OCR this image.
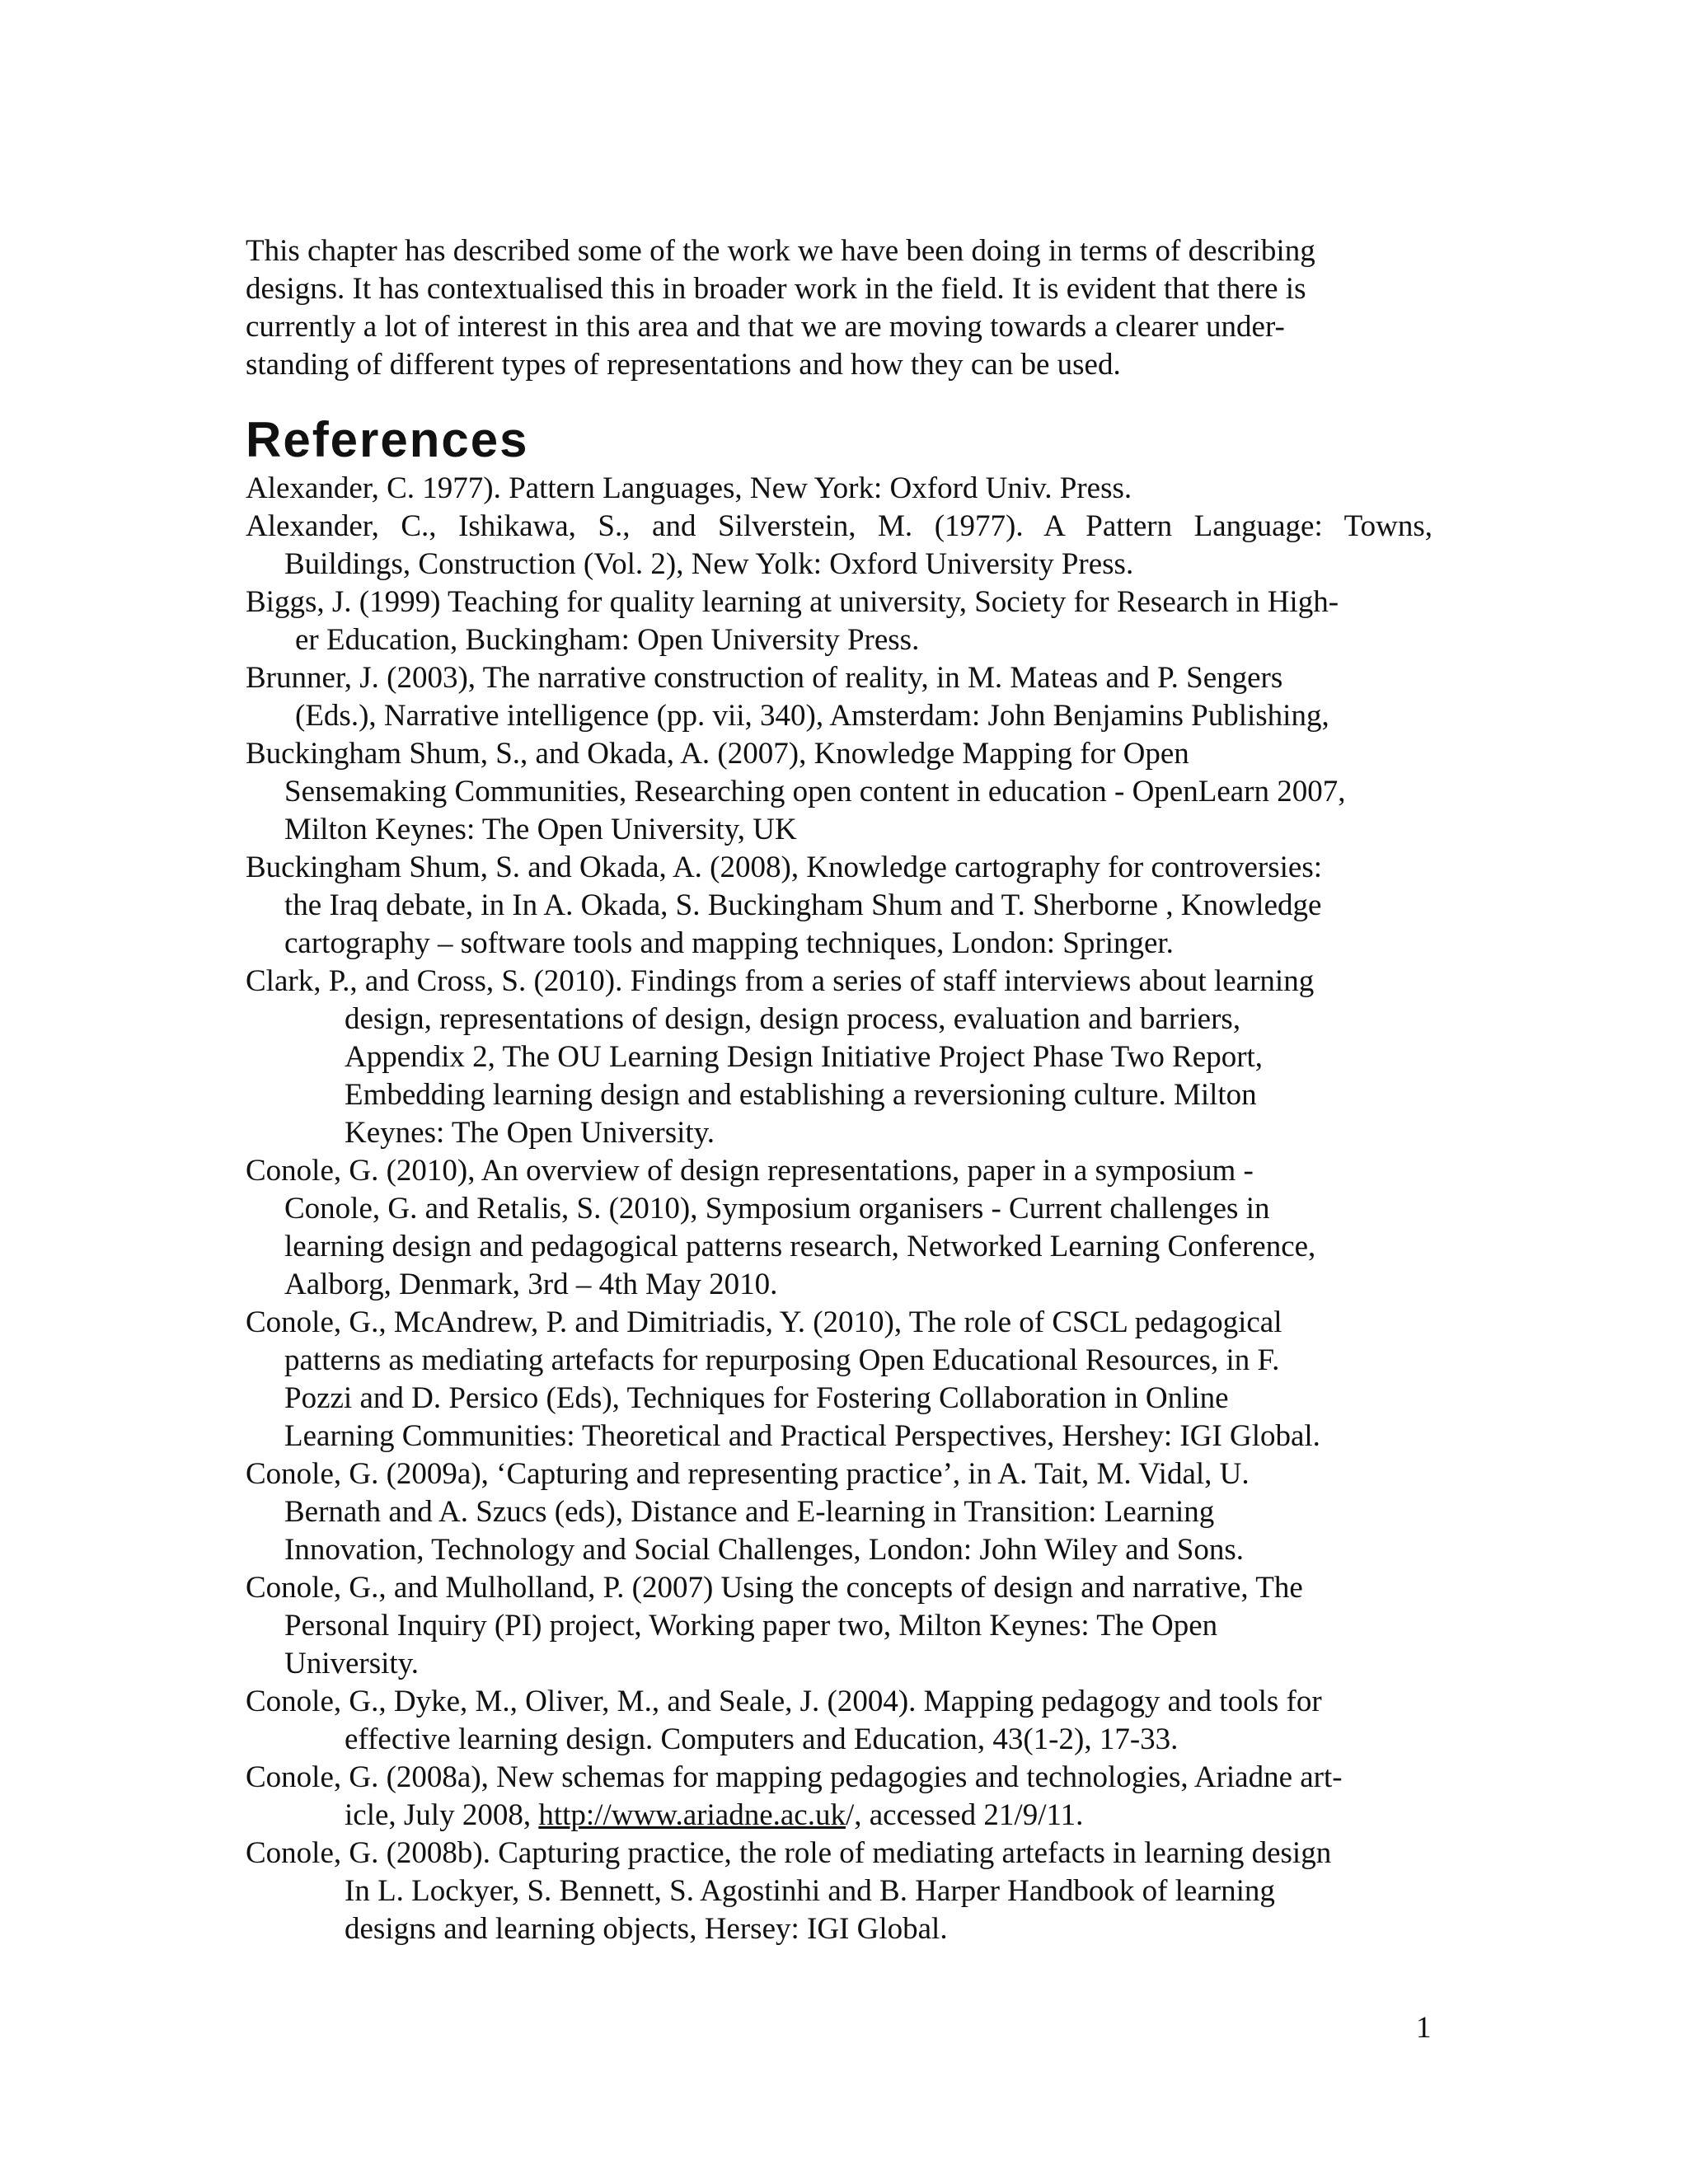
This chapter has described some of the work we have been doing in terms of describing
designs. It has contextualised this in broader work in the field. It is evident that there is
currently a lot of interest in this area and that we are moving towards a clearer under-
standing of different types of representations and how they can be used.

References
Alexander, C. 1977). Pattern Languages, New York: Oxford Univ. Press.
Alexander, C., Ishikawa, S., and Silverstein, M. (1977). A Pattern Language: Towns,
Buildings, Construction (Vol. 2), New Yolk: Oxford University Press.
Biggs, J. (1999) Teaching for quality learning at university, Society for Research in High-
er Education, Buckingham: Open University Press.
Brunner, J. (2003), The narrative construction of reality, in M. Mateas and P. Sengers
(Eds.), Narrative intelligence (pp. vii, 340), Amsterdam: John Benjamins Publishing,
Buckingham Shum, S., and Okada, A. (2007), Knowledge Mapping for Open
Sensemaking Communities, Researching open content in education - OpenLearn 2007,
Milton Keynes: The Open University, UK
Buckingham Shum, S. and Okada, A. (2008), Knowledge cartography for controversies:
the Iraq debate, in In A. Okada, S. Buckingham Shum and T. Sherborne , Knowledge
cartography – software tools and mapping techniques, London: Springer.
Clark, P., and Cross, S. (2010). Findings from a series of staff interviews about learning
design, representations of design, design process, evaluation and barriers,
Appendix 2, The OU Learning Design Initiative Project Phase Two Report,
Embedding learning design and establishing a reversioning culture. Milton
Keynes: The Open University.
Conole, G. (2010), An overview of design representations, paper in a symposium -
Conole, G. and Retalis, S. (2010), Symposium organisers - Current challenges in
learning design and pedagogical patterns research, Networked Learning Conference,
Aalborg, Denmark, 3rd – 4th May 2010.
Conole, G., McAndrew, P. and Dimitriadis, Y. (2010), The role of CSCL pedagogical
patterns as mediating artefacts for repurposing Open Educational Resources, in F.
Pozzi and D. Persico (Eds), Techniques for Fostering Collaboration in Online
Learning Communities: Theoretical and Practical Perspectives, Hershey: IGI Global.
Conole, G. (2009a), ‘Capturing and representing practice’, in A. Tait, M. Vidal, U.
Bernath and A. Szucs (eds), Distance and E-learning in Transition: Learning
Innovation, Technology and Social Challenges, London: John Wiley and Sons.
Conole, G., and Mulholland, P. (2007) Using the concepts of design and narrative, The
Personal Inquiry (PI) project, Working paper two, Milton Keynes: The Open
University.
Conole, G., Dyke, M., Oliver, M., and Seale, J. (2004). Mapping pedagogy and tools for
effective learning design. Computers and Education, 43(1-2), 17-33.
Conole, G. (2008a), New schemas for mapping pedagogies and technologies, Ariadne art-
icle, July 2008, http://www.ariadne.ac.uk/, accessed 21/9/11.
Conole, G. (2008b). Capturing practice, the role of mediating artefacts in learning design
In L. Lockyer, S. Bennett, S. Agostinhi and B. Harper Handbook of learning
designs and learning objects, Hersey: IGI Global.
1
